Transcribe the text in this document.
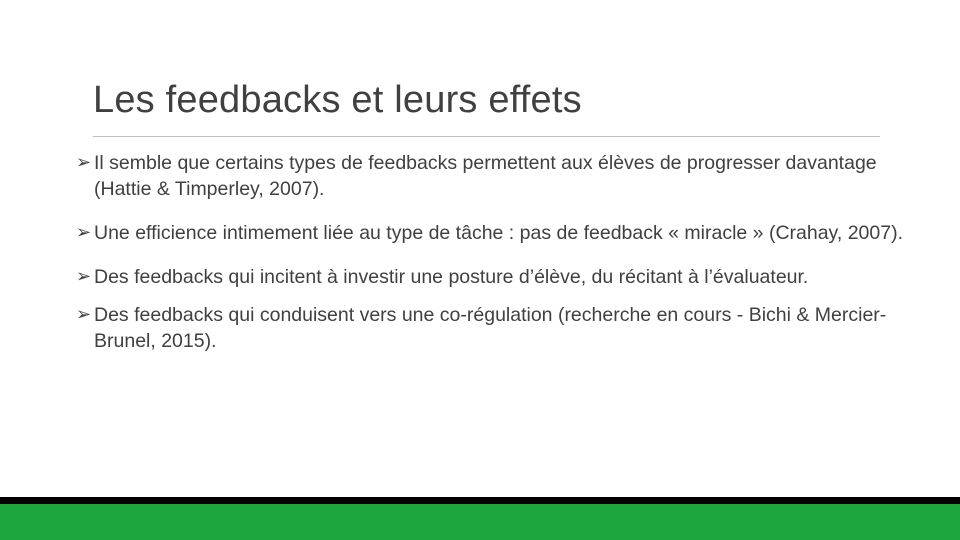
Les feedbacks et leurs effets
➢ Il semble que certains types de feedbacks permettent aux élèves de progresser davantage (Hattie & Timperley, 2007).
➢ Une efficience intimement liée au type de tâche : pas de feedback « miracle » (Crahay, 2007).
➢ Des feedbacks qui incitent à investir une posture d’élève, du récitant à l’évaluateur.
➢ Des feedbacks qui conduisent vers une co-régulation (recherche en cours - Bichi & Mercier-Brunel, 2015).
